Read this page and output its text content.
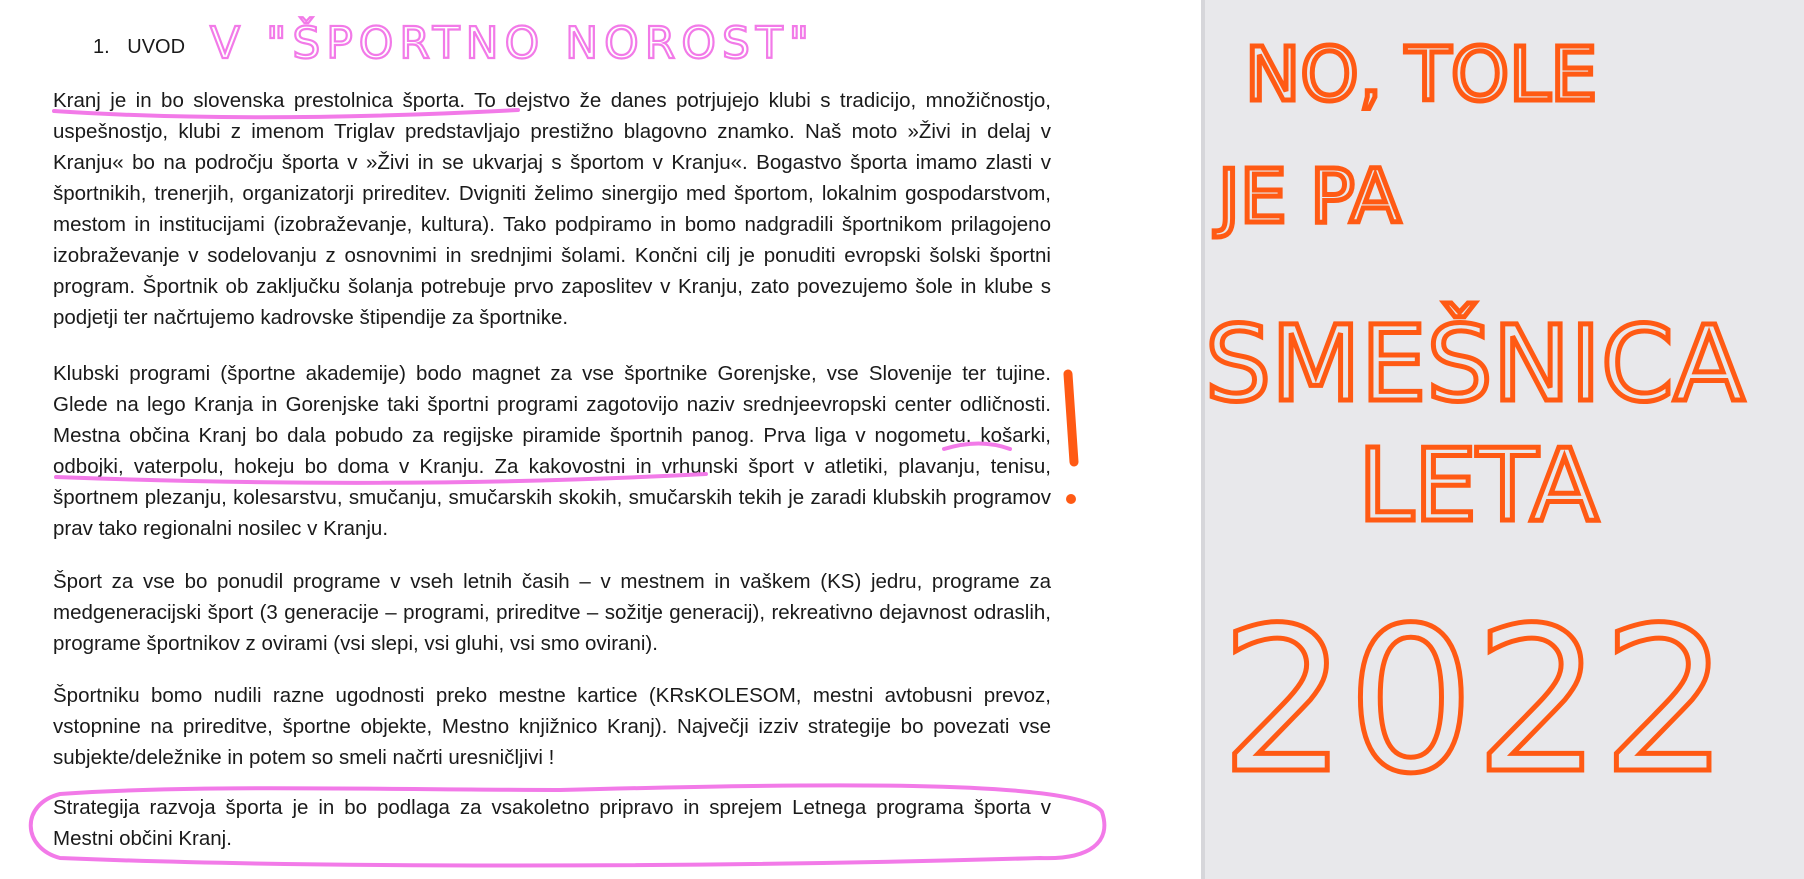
1. UVOD

Kranj je in bo slovenska prestolnica športa. To dejstvo že danes potrjujejo klubi s tradicijo, množičnostjo, uspešnostjo, klubi z imenom Triglav predstavljajo prestižno blagovno znamko. Naš moto »Živi in delaj v Kranju« bo na področju športa v »Živi in se ukvarjaj s športom v Kranju«. Bogastvo športa imamo zlasti v športnikih, trenerjih, organizatorji prireditev. Dvigniti želimo sinergijo med športom, lokalnim gospodarstvom, mestom in institucijami (izobraževanje, kultura). Tako podpiramo in bomo nadgradili športnikom prilagojeno izobraževanje v sodelovanju z osnovnimi in srednjimi šolami. Končni cilj je ponuditi evropski šolski športni program. Športnik ob zaključku šolanja potrebuje prvo zaposlitev v Kranju, zato povezujemo šole in klube s podjetji ter načrtujemo kadrovske štipendije za športnike.

Klubski programi (športne akademije) bodo magnet za vse športnike Gorenjske, vse Slovenije ter tujine. Glede na lego Kranja in Gorenjske taki športni programi zagotovijo naziv srednjeevropski center odličnosti. Mestna občina Kranj bo dala pobudo za regijske piramide športnih panog. Prva liga v nogometu, košarki, odbojki, vaterpolu, hokeju bo doma v Kranju. Za kakovostni in vrhunski šport v atletiki, plavanju, tenisu, športnem plezanju, kolesarstvu, smučanju, smučarskih skokih, smučarskih tekih je zaradi klubskih programov prav tako regionalni nosilec v Kranju.

Šport za vse bo ponudil programe v vseh letnih časih – v mestnem in vaškem (KS) jedru, programe za medgeneracijski šport (3 generacije – programi, prireditve – sožitje generacij), rekreativno dejavnost odraslih, programe športnikov z ovirami (vsi slepi, vsi gluhi, vsi smo ovirani).

Športniku bomo nudili razne ugodnosti preko mestne kartice (KRsKOLESOM, mestni avtobusni prevoz, vstopnine na prireditve, športne objekte, Mestno knjižnico Kranj). Največji izziv strategije bo povezati vse subjekte/deležnike in potem so smeli načrti uresničljivi !

Strategija razvoja športa je in bo podlaga za vsakoletno pripravo in sprejem Letnega programa športa v Mestni občini Kranj.

V "ŠPORTNO NOROST"	NO, TOLE
JE PA
SMEŠNICA
LETA
2022
